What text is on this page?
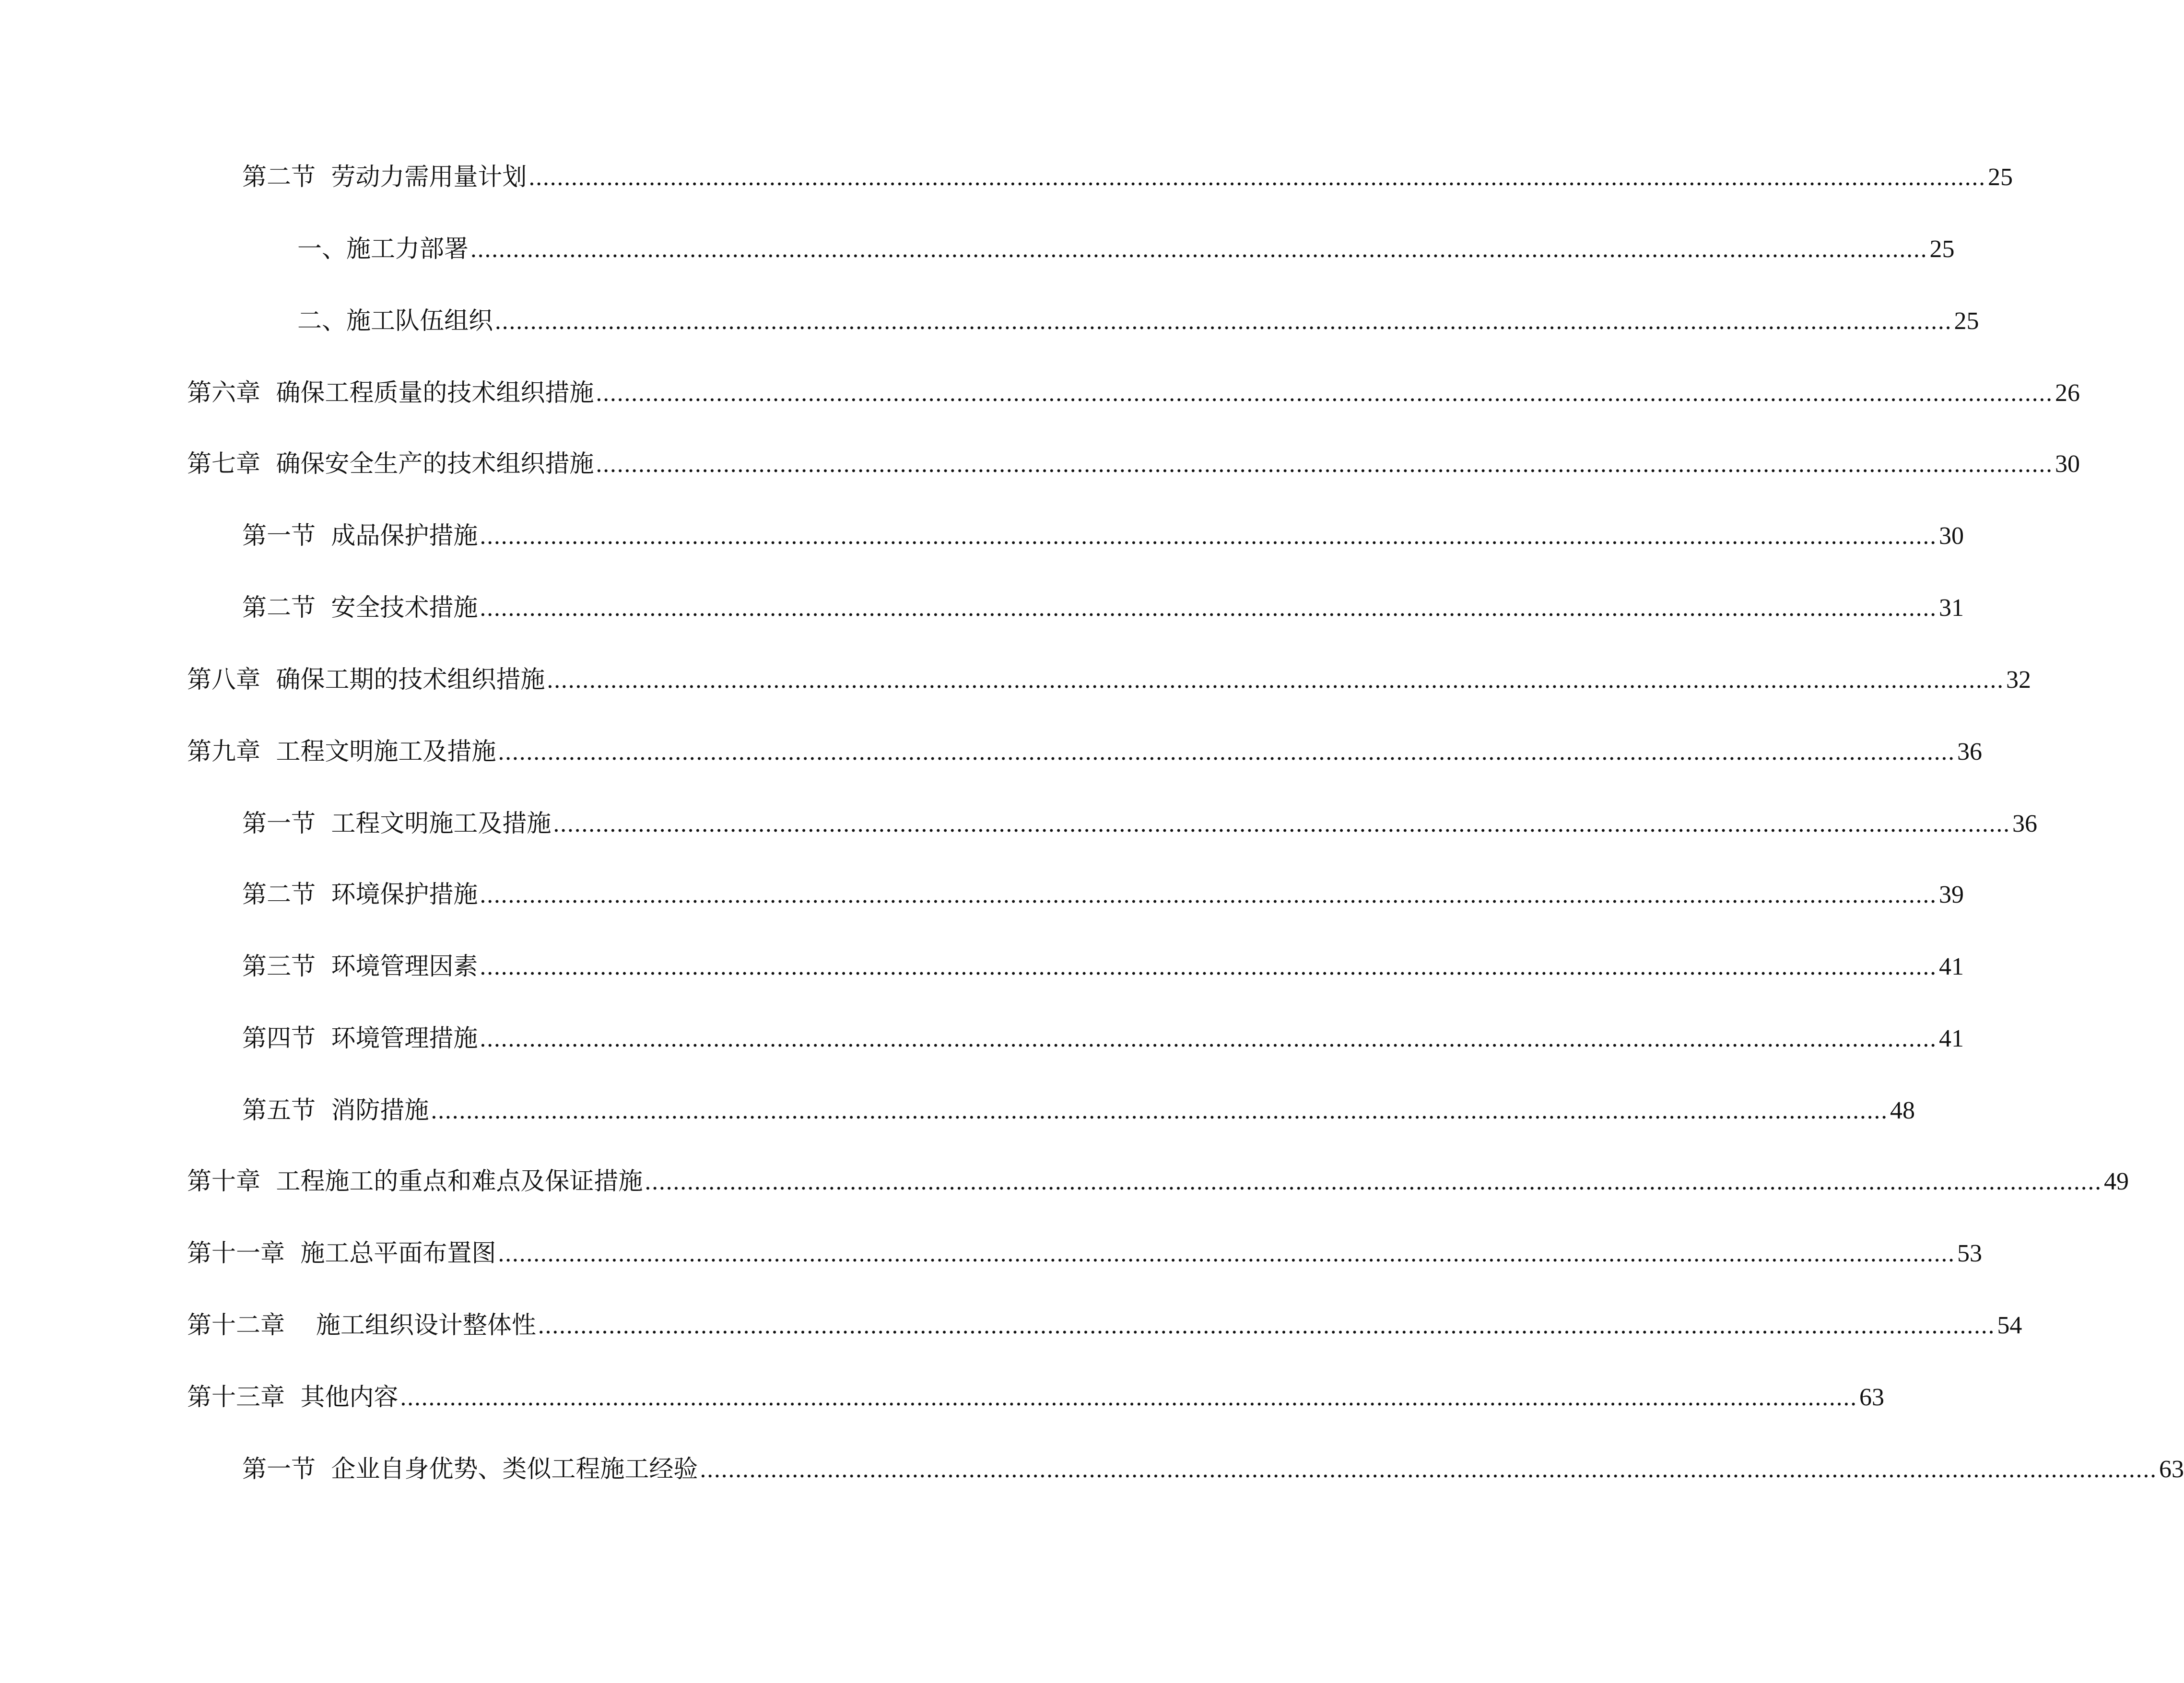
第二节  劳动力需用量计划 .............................................................................................................................................................................................................. 25
一、施工力部署 .............................................................................................................................................................................................................. 25
二、施工队伍组织 .............................................................................................................................................................................................................. 25
第六章  确保工程质量的技术组织措施 .............................................................................................................................................................................................................. 26
第七章  确保安全生产的技术组织措施 .............................................................................................................................................................................................................. 30
第一节  成品保护措施 .............................................................................................................................................................................................................. 30
第二节  安全技术措施 .............................................................................................................................................................................................................. 31
第八章  确保工期的技术组织措施 .............................................................................................................................................................................................................. 32
第九章  工程文明施工及措施 .............................................................................................................................................................................................................. 36
第一节  工程文明施工及措施 .............................................................................................................................................................................................................. 36
第二节  环境保护措施 .............................................................................................................................................................................................................. 39
第三节  环境管理因素 .............................................................................................................................................................................................................. 41
第四节  环境管理措施 .............................................................................................................................................................................................................. 41
第五节  消防措施 .............................................................................................................................................................................................................. 48
第十章  工程施工的重点和难点及保证措施 .............................................................................................................................................................................................................. 49
第十一章  施工总平面布置图 .............................................................................................................................................................................................................. 53
第十二章    施工组织设计整体性 .............................................................................................................................................................................................................. 54
第十三章  其他内容 .............................................................................................................................................................................................................. 63
第一节  企业自身优势、类似工程施工经验 .............................................................................................................................................................................................................. 63
